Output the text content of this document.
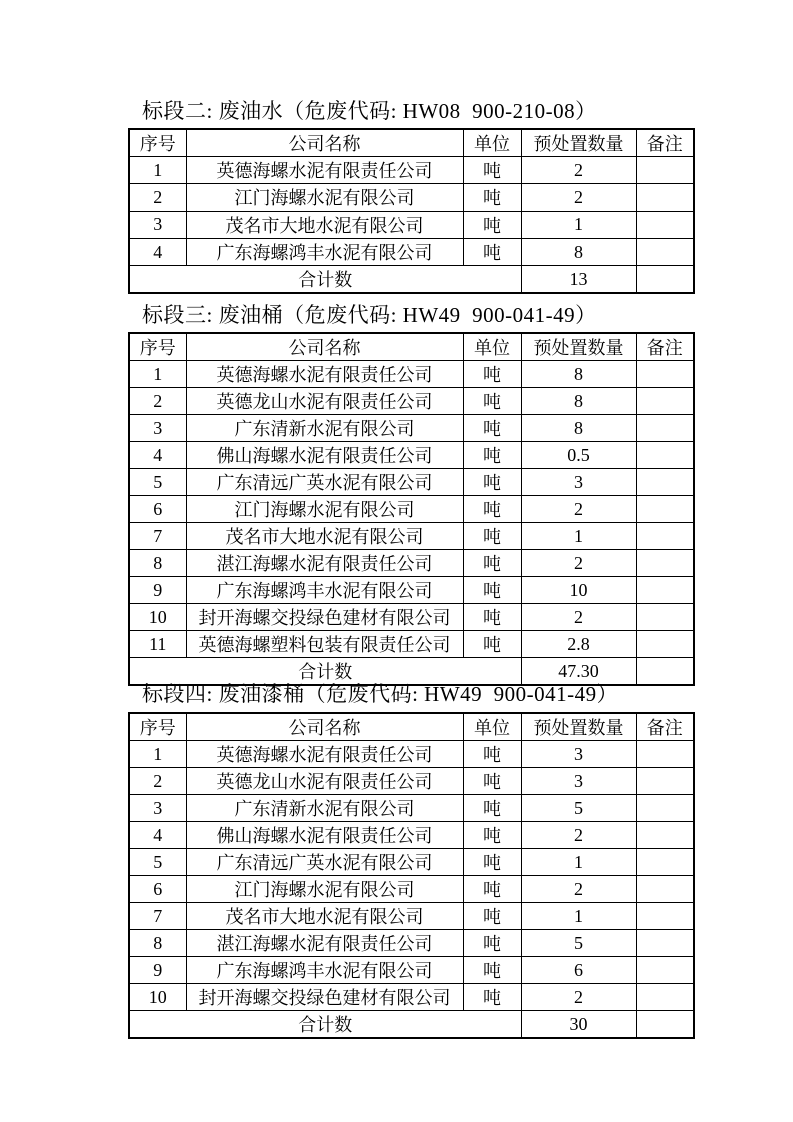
标段二: 废油水（危废代码: HW08  900-210-08）
序号	公司名称	单位	预处置数量	备注
1	英德海螺水泥有限责任公司	吨	2	
2	江门海螺水泥有限公司	吨	2	
3	茂名市大地水泥有限公司	吨	1	
4	广东海螺鸿丰水泥有限公司	吨	8	
合计数			13	
标段三: 废油桶（危废代码: HW49  900-041-49）
序号	公司名称	单位	预处置数量	备注
1	英德海螺水泥有限责任公司	吨	8	
2	英德龙山水泥有限责任公司	吨	8	
3	广东清新水泥有限公司	吨	8	
4	佛山海螺水泥有限责任公司	吨	0.5	
5	广东清远广英水泥有限公司	吨	3	
6	江门海螺水泥有限公司	吨	2	
7	茂名市大地水泥有限公司	吨	1	
8	湛江海螺水泥有限责任公司	吨	2	
9	广东海螺鸿丰水泥有限公司	吨	10	
10	封开海螺交投绿色建材有限公司	吨	2	
11	英德海螺塑料包装有限责任公司	吨	2.8	
合计数			47.30	
标段四: 废油漆桶（危废代码: HW49  900-041-49）
序号	公司名称	单位	预处置数量	备注
1	英德海螺水泥有限责任公司	吨	3	
2	英德龙山水泥有限责任公司	吨	3	
3	广东清新水泥有限公司	吨	5	
4	佛山海螺水泥有限责任公司	吨	2	
5	广东清远广英水泥有限公司	吨	1	
6	江门海螺水泥有限公司	吨	2	
7	茂名市大地水泥有限公司	吨	1	
8	湛江海螺水泥有限责任公司	吨	5	
9	广东海螺鸿丰水泥有限公司	吨	6	
10	封开海螺交投绿色建材有限公司	吨	2	
合计数			30	
